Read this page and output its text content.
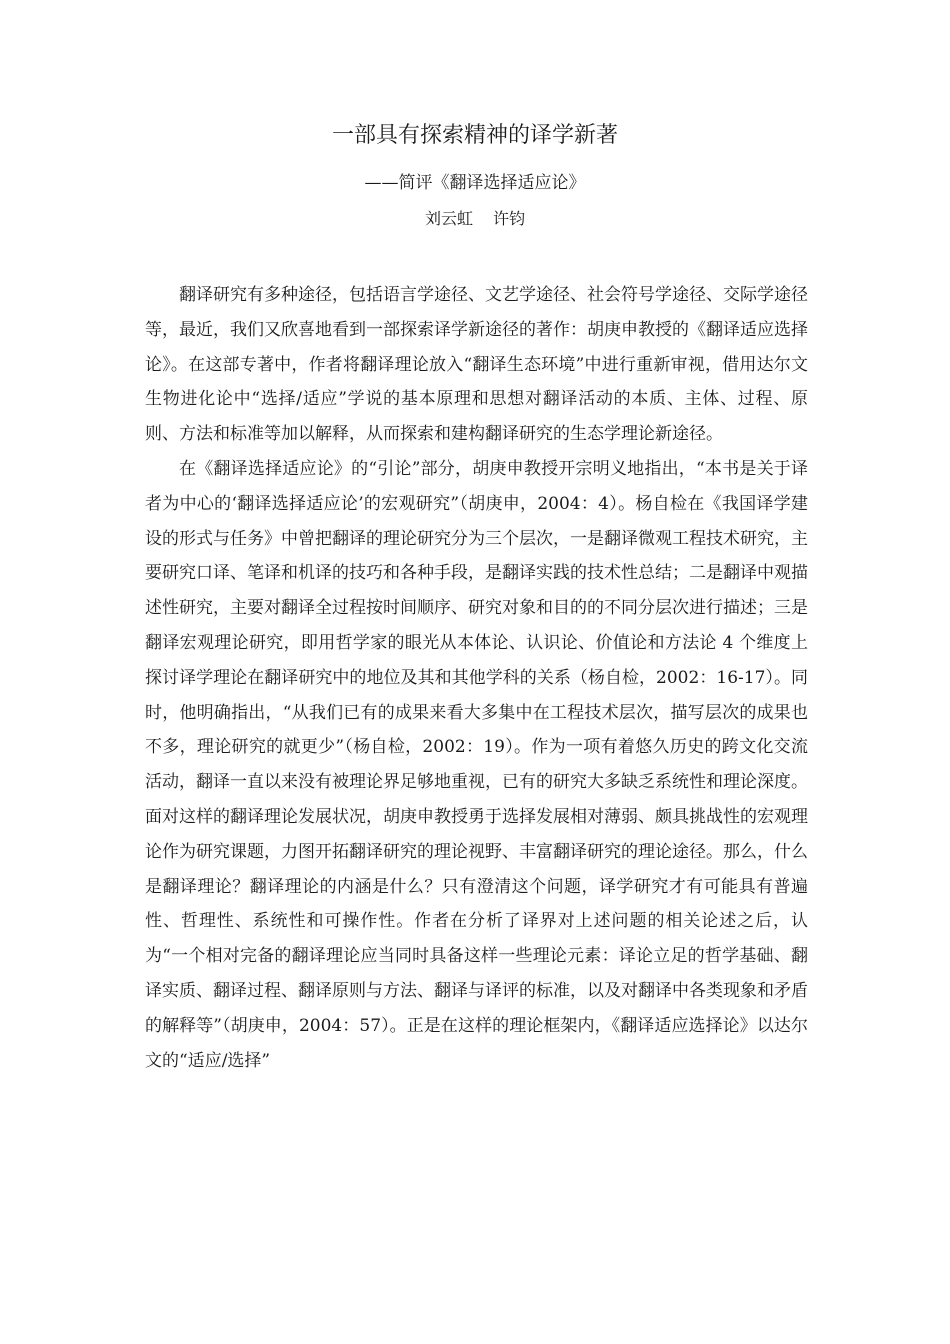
一部具有探索精神的译学新著
——简评《翻译选择适应论》
刘云虹 许钧

翻译研究有多种途径，包括语言学途径、文艺学途径、社会符号学途径、交际学途径等，最近，我们又欣喜地看到一部探索译学新途径的著作：胡庚申教授的《翻译适应选择论》。在这部专著中，作者将翻译理论放入“翻译生态环境”中进行重新审视，借用达尔文生物进化论中“选择/适应”学说的基本原理和思想对翻译活动的本质、主体、过程、原则、方法和标准等加以解释，从而探索和建构翻译研究的生态学理论新途径。

在《翻译选择适应论》的“引论”部分，胡庚申教授开宗明义地指出，“本书是关于译者为中心的‘翻译选择适应论’的宏观研究”（胡庚申，2004：4）。杨自检在《我国译学建设的形式与任务》中曾把翻译的理论研究分为三个层次，一是翻译微观工程技术研究，主要研究口译、笔译和机译的技巧和各种手段，是翻译实践的技术性总结；二是翻译中观描述性研究，主要对翻译全过程按时间顺序、研究对象和目的的不同分层次进行描述；三是翻译宏观理论研究，即用哲学家的眼光从本体论、认识论、价值论和方法论 4 个维度上探讨译学理论在翻译研究中的地位及其和其他学科的关系（杨自检，2002：16-17）。同时，他明确指出，“从我们已有的成果来看大多集中在工程技术层次，描写层次的成果也不多，理论研究的就更少”（杨自检，2002：19）。作为一项有着悠久历史的跨文化交流活动，翻译一直以来没有被理论界足够地重视，已有的研究大多缺乏系统性和理论深度。面对这样的翻译理论发展状况，胡庚申教授勇于选择发展相对薄弱、颇具挑战性的宏观理论作为研究课题，力图开拓翻译研究的理论视野、丰富翻译研究的理论途径。那么，什么是翻译理论？翻译理论的内涵是什么？只有澄清这个问题，译学研究才有可能具有普遍性、哲理性、系统性和可操作性。作者在分析了译界对上述问题的相关论述之后，认为“一个相对完备的翻译理论应当同时具备这样一些理论元素：译论立足的哲学基础、翻译实质、翻译过程、翻译原则与方法、翻译与译评的标准，以及对翻译中各类现象和矛盾的解释等”（胡庚申，2004：57）。正是在这样的理论框架内，《翻译适应选择论》以达尔文的“适应/选择”
